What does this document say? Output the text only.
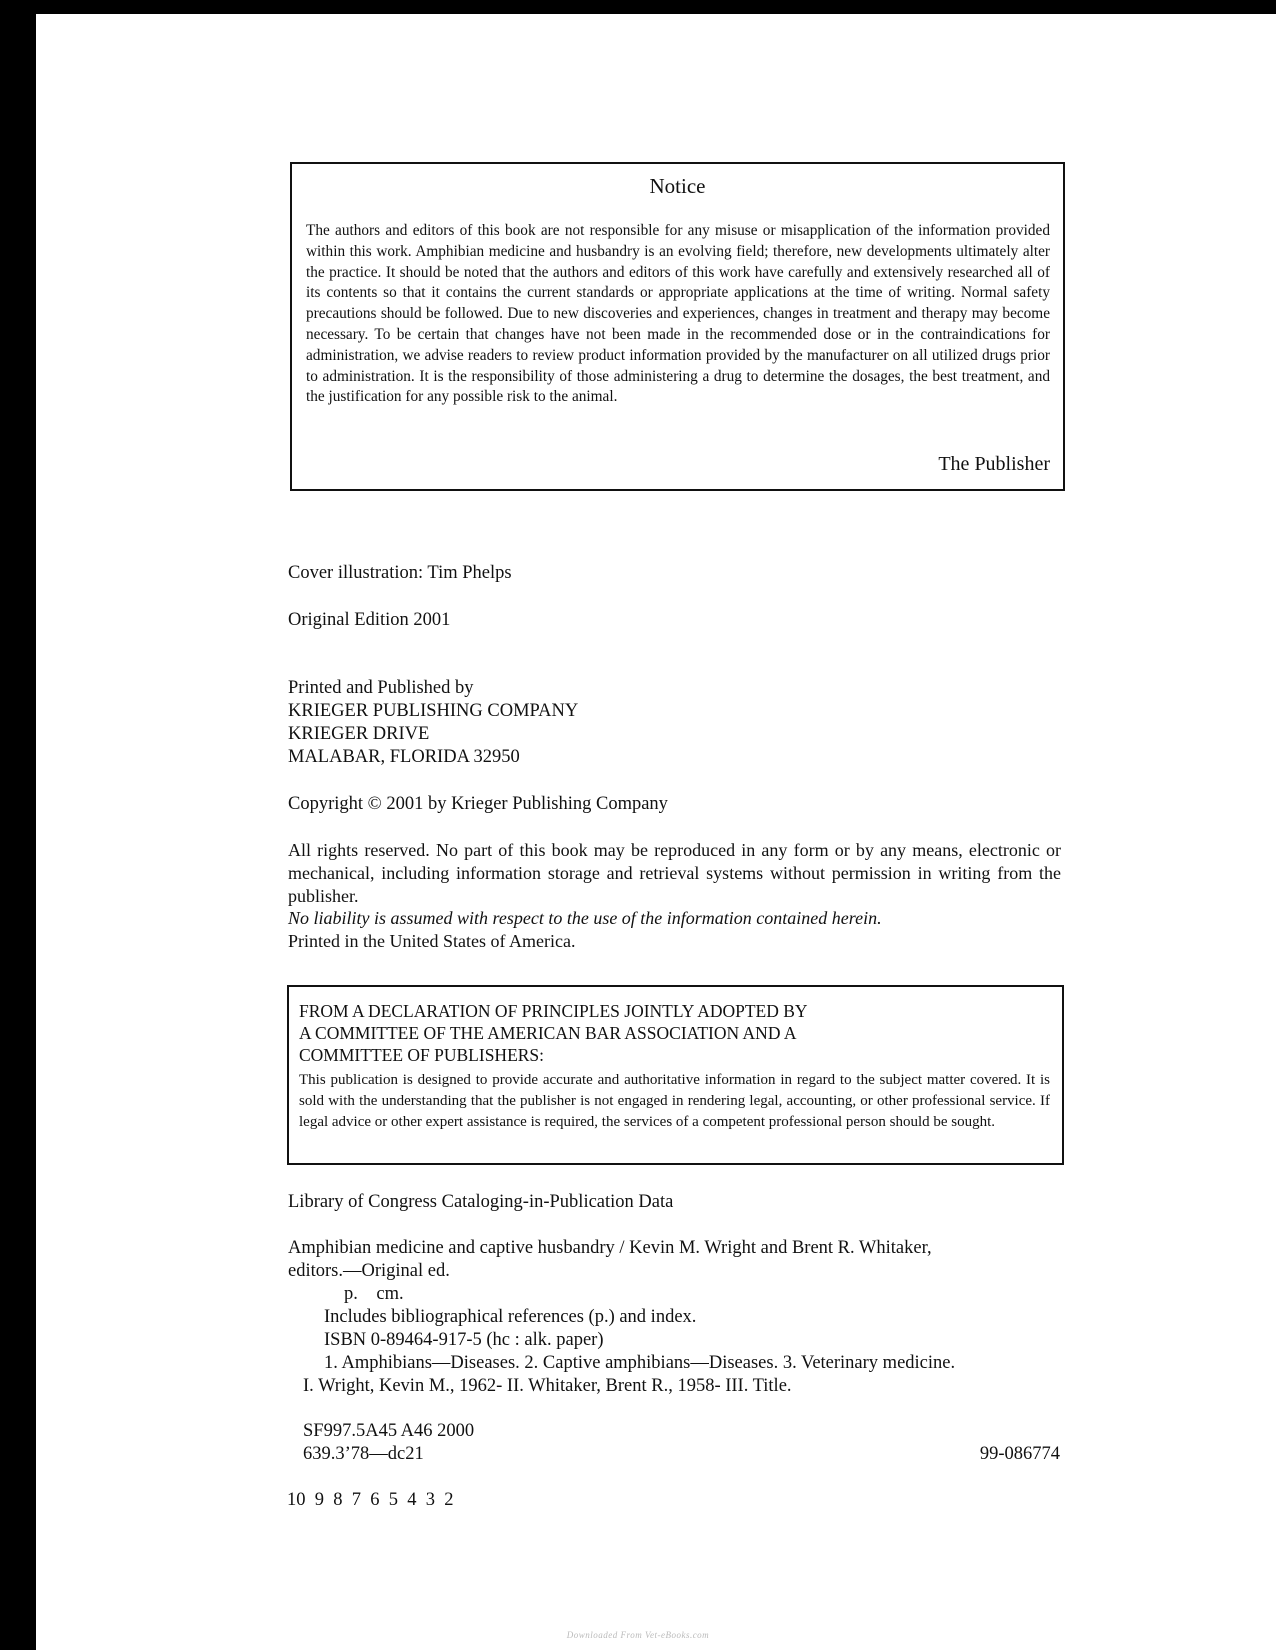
Notice

The authors and editors of this book are not responsible for any misuse or misapplication of the information provided within this work. Amphibian medicine and husbandry is an evolving field; therefore, new developments ultimately alter the practice. It should be noted that the authors and editors of this work have carefully and extensively researched all of its contents so that it contains the current standards or appropriate applications at the time of writing. Normal safety precautions should be followed. Due to new discoveries and experiences, changes in treatment and therapy may become necessary. To be certain that changes have not been made in the recommended dose or in the contraindications for administration, we advise readers to review product information provided by the manufacturer on all utilized drugs prior to administration. It is the responsibility of those administering a drug to determine the dosages, the best treatment, and the justification for any possible risk to the animal.

The Publisher

Cover illustration: Tim Phelps

Original Edition 2001

Printed and Published by

KRIEGER PUBLISHING COMPANY

KRIEGER DRIVE

MALABAR, FLORIDA 32950

Copyright © 2001 by Krieger Publishing Company

All rights reserved. No part of this book may be reproduced in any form or by any means, electronic or mechanical, including information storage and retrieval systems without permission in writing from the publisher.
No liability is assumed with respect to the use of the information contained herein.
Printed in the United States of America.

FROM A DECLARATION OF PRINCIPLES JOINTLY ADOPTED BY
A COMMITTEE OF THE AMERICAN BAR ASSOCIATION AND A
COMMITTEE OF PUBLISHERS:

This publication is designed to provide accurate and authoritative information in regard to the subject matter covered. It is sold with the understanding that the publisher is not engaged in rendering legal, accounting, or other professional service. If legal advice or other expert assistance is required, the services of a competent professional person should be sought.

Library of Congress Cataloging-in-Publication Data

Amphibian medicine and captive husbandry / Kevin M. Wright and Brent R. Whitaker,

editors.—Original ed.

p.    cm.

Includes bibliographical references (p.) and index.

ISBN 0-89464-917-5 (hc : alk. paper)

1. Amphibians—Diseases. 2. Captive amphibians—Diseases. 3. Veterinary medicine.

I. Wright, Kevin M., 1962- II. Whitaker, Brent R., 1958- III. Title.

SF997.5A45 A46 2000

639.3’78—dc21	99-086774

10  9  8  7  6  5  4  3  2

Downloaded From Vet-eBooks.com
